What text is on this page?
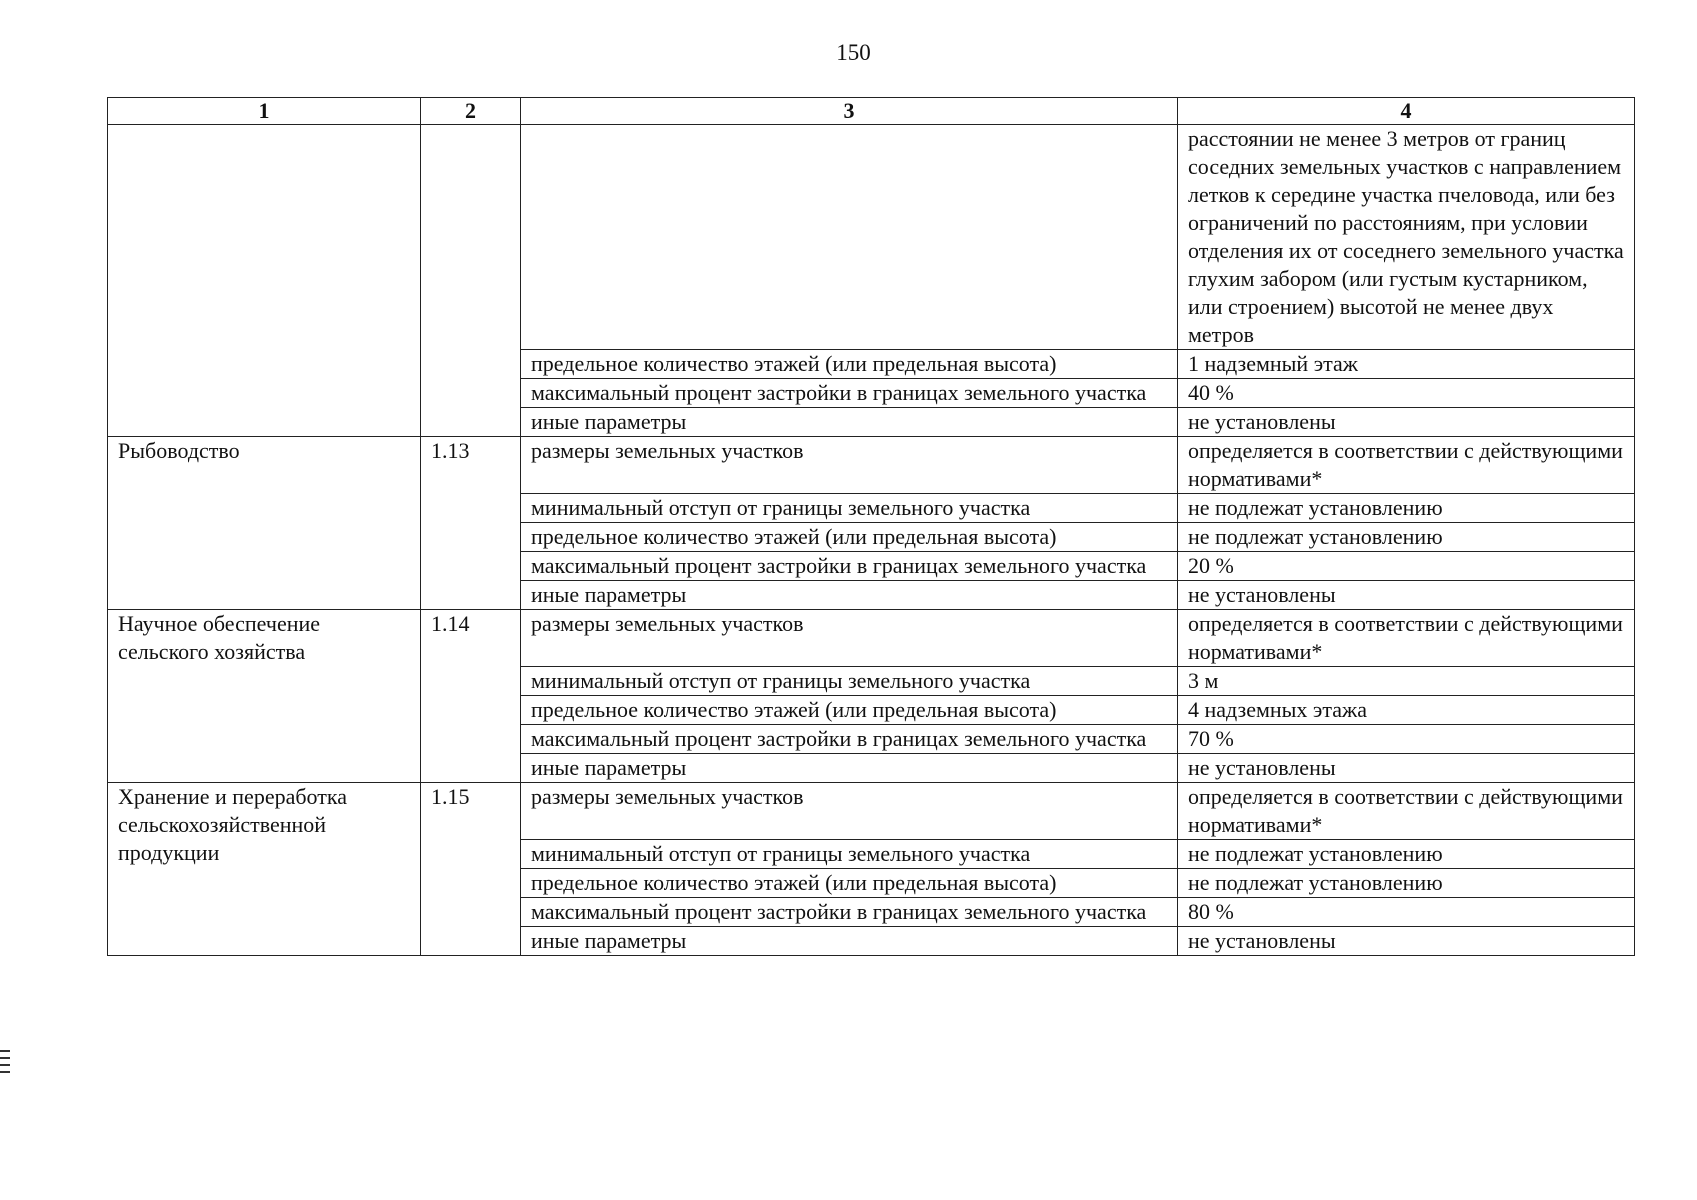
150
1	2	3	4
			расстоянии не менее 3 метров от границ соседних земельных участков с направлением летков к середине участка пчеловода, или без ограничений по расстояниям, при условии отделения их от соседнего земельного участка глухим забором (или густым кустарником, или строением) высотой не менее двух метров
		предельное количество этажей (или предельная высота)	1 надземный этаж
		максимальный процент застройки в границах земельного участка	40 %
		иные параметры	не установлены
Рыбоводство	1.13	размеры земельных участков	определяется в соответствии с действующими нормативами*
		минимальный отступ от границы земельного участка	не подлежат установлению
		предельное количество этажей (или предельная высота)	не подлежат установлению
		максимальный процент застройки в границах земельного участка	20 %
		иные параметры	не установлены
Научное обеспечение сельского хозяйства	1.14	размеры земельных участков	определяется в соответствии с действующими нормативами*
		минимальный отступ от границы земельного участка	3 м
		предельное количество этажей (или предельная высота)	4 надземных этажа
		максимальный процент застройки в границах земельного участка	70 %
		иные параметры	не установлены
Хранение и переработка сельскохозяйственной продукции	1.15	размеры земельных участков	определяется в соответствии с действующими нормативами*
		минимальный отступ от границы земельного участка	не подлежат установлению
		предельное количество этажей (или предельная высота)	не подлежат установлению
		максимальный процент застройки в границах земельного участка	80 %
		иные параметры	не установлены
